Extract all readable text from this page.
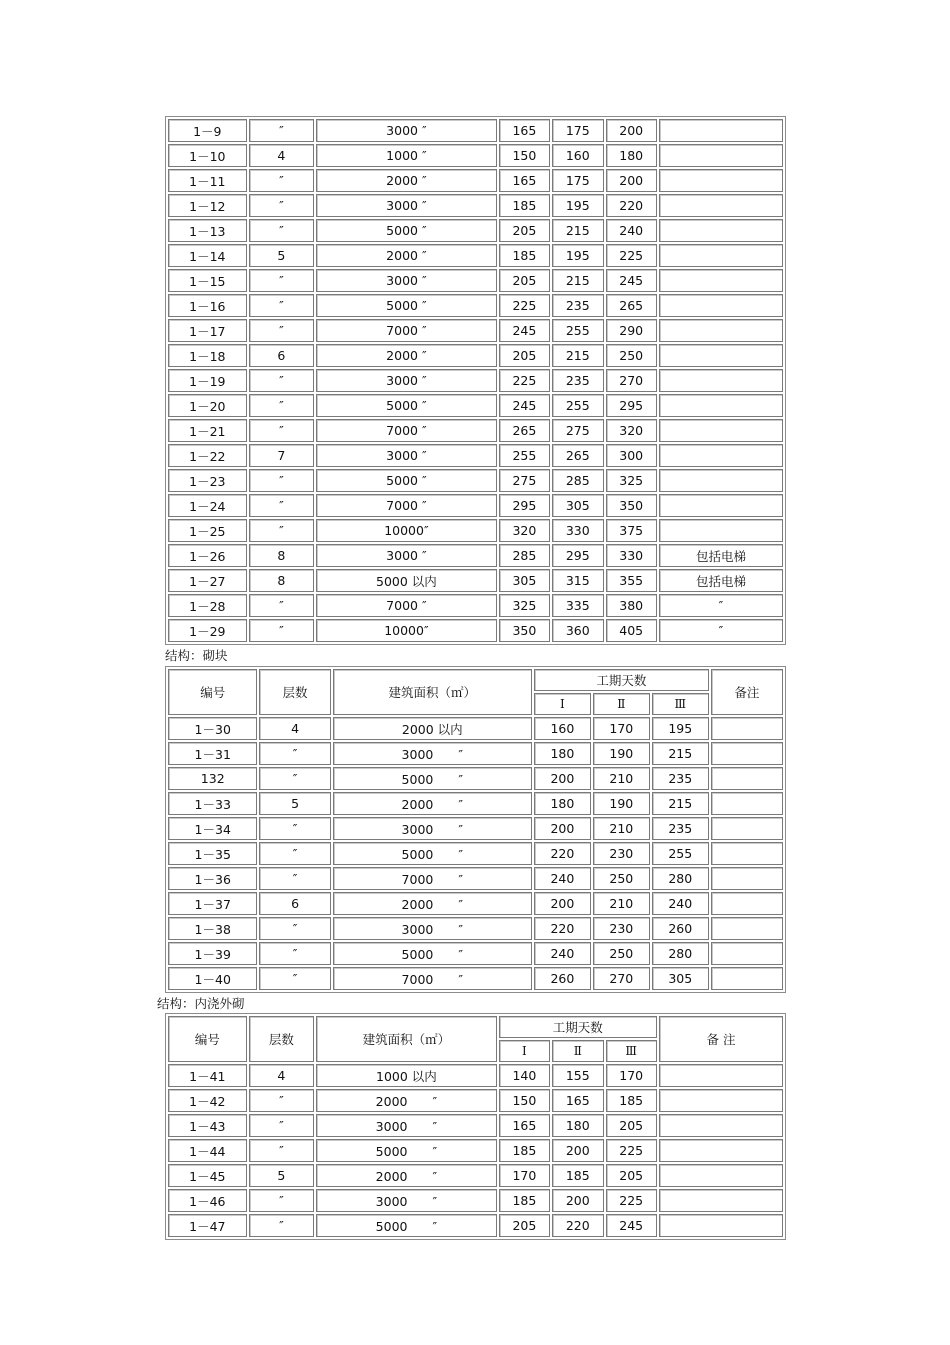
1－9	″	3000 ″	165	175	200	
1－10	4	1000 ″	150	160	180	
1－11	″	2000 ″	165	175	200	
1－12	″	3000 ″	185	195	220	
1－13	″	5000 ″	205	215	240	
1－14	5	2000 ″	185	195	225	
1－15	″	3000 ″	205	215	245	
1－16	″	5000 ″	225	235	265	
1－17	″	7000 ″	245	255	290	
1－18	6	2000 ″	205	215	250	
1－19	″	3000 ″	225	235	270	
1－20	″	5000 ″	245	255	295	
1－21	″	7000 ″	265	275	320	
1－22	7	3000 ″	255	265	300	
1－23	″	5000 ″	275	285	325	
1－24	″	7000 ″	295	305	350	
1－25	″	10000″	320	330	375	
1－26	8	3000 ″	285	295	330	包括电梯
1－27	8	5000 以内	305	315	355	包括电梯
1－28	″	7000 ″	325	335	380	″
1－29	″	10000″	350	360	405	″
结构：砌块
编号	层数	建筑面积（㎡）	工期天数			备注
			Ⅰ	Ⅱ	Ⅲ	
1－30	4	2000 以内	160	170	195	
1－31	″	3000　　″	180	190	215	
132	″	5000　　″	200	210	235	
1－33	5	2000　　″	180	190	215	
1－34	″	3000　　″	200	210	235	
1－35	″	5000　　″	220	230	255	
1－36	″	7000　　″	240	250	280	
1－37	6	2000　　″	200	210	240	
1－38	″	3000　　″	220	230	260	
1－39	″	5000　　″	240	250	280	
1－40	″	7000　　″	260	270	305	
结构：内浇外砌
编号	层数	建筑面积（㎡）	工期天数			备 注
			Ⅰ	Ⅱ	Ⅲ	
1－41	4	1000 以内	140	155	170	
1－42	″	2000　　″	150	165	185	
1－43	″	3000　　″	165	180	205	
1－44	″	5000　　″	185	200	225	
1－45	5	2000　　″	170	185	205	
1－46	″	3000　　″	185	200	225	
1－47	″	5000　　″	205	220	245	
